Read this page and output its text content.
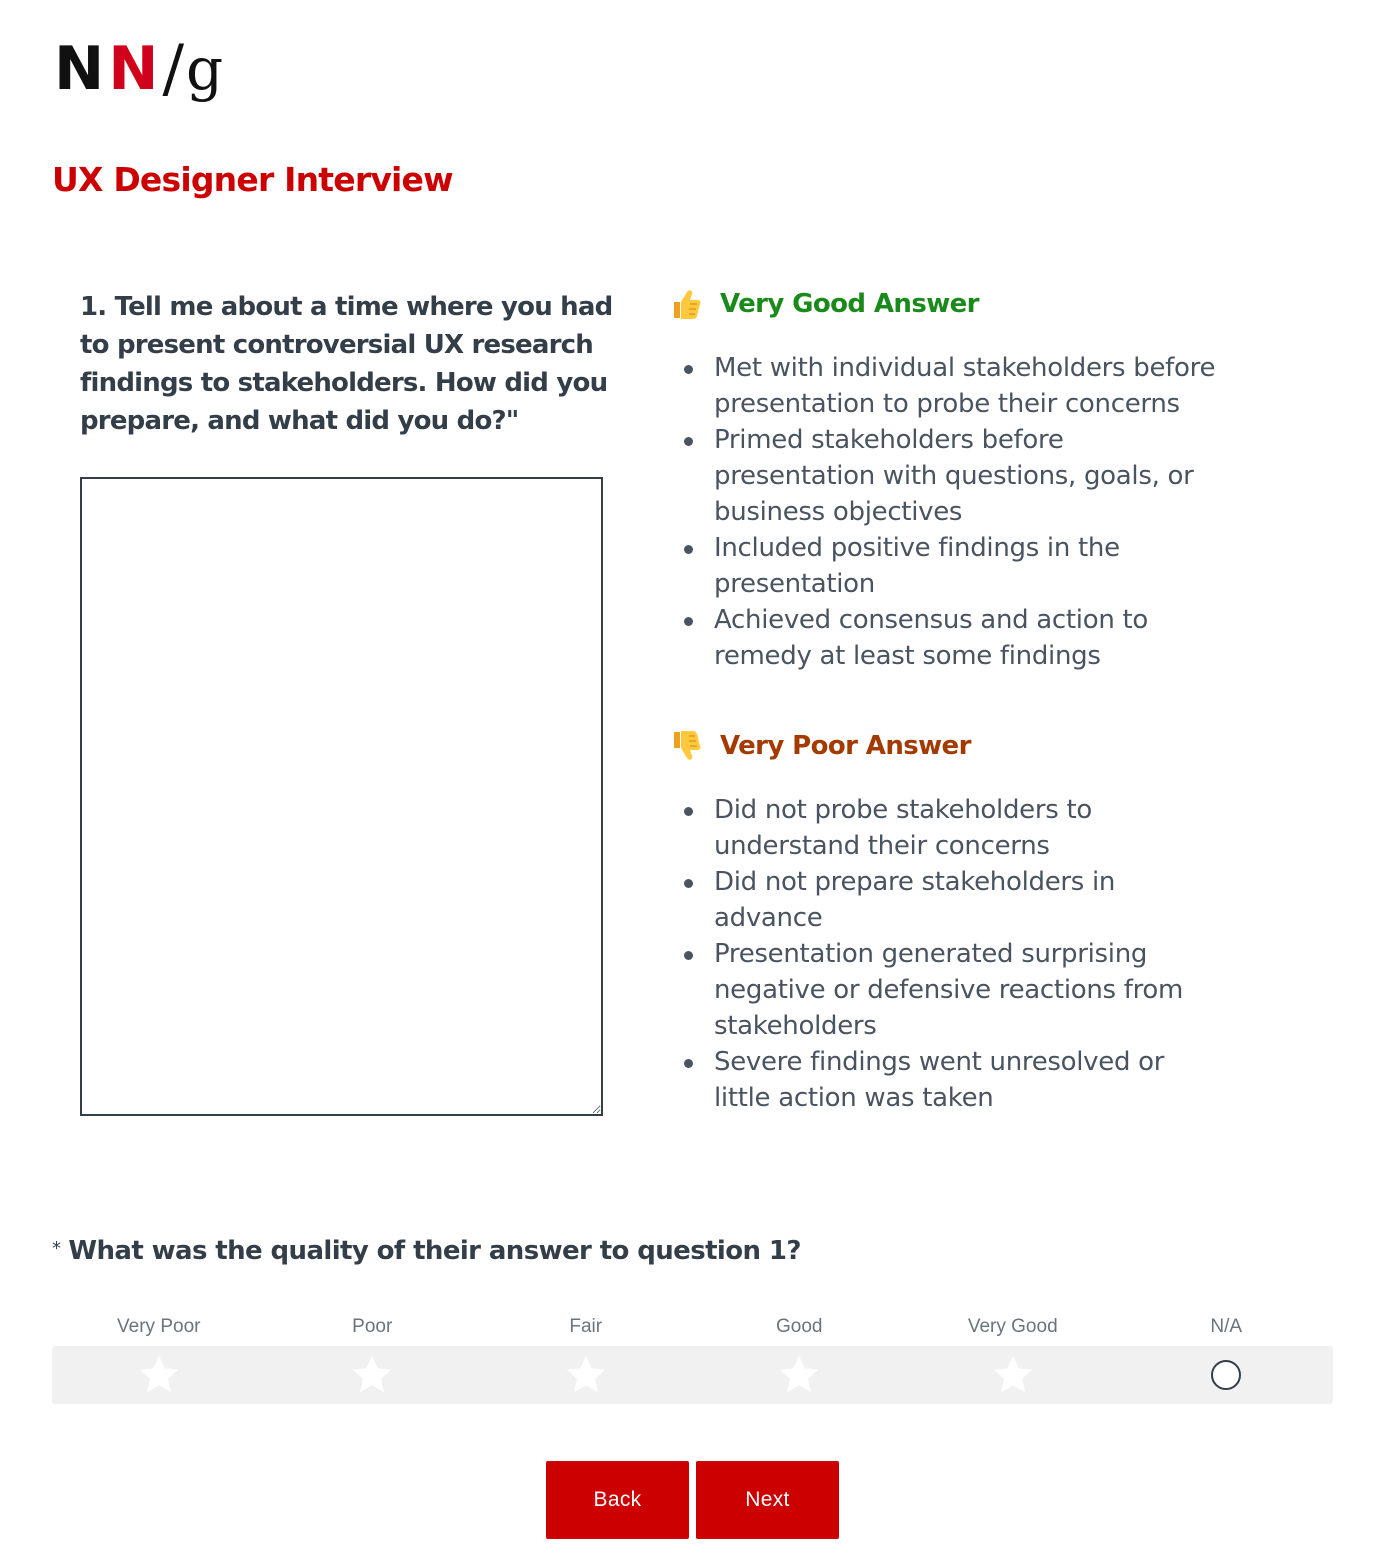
N N / g
UX Designer Interview
1. Tell me about a time where you had to present controversial UX research findings to stakeholders. How did you prepare, and what did you do?"
Very Good Answer
Met with individual stakeholders before presentation to probe their concerns
Primed stakeholders before presentation with questions, goals, or business objectives
Included positive findings in the presentation
Achieved consensus and action to remedy at least some findings
Very Poor Answer
Did not probe stakeholders to understand their concerns
Did not prepare stakeholders in advance
Presentation generated surprising negative or defensive reactions from stakeholders
Severe findings went unresolved or little action was taken
* What was the quality of their answer to question 1?
Very Poor	Poor	Fair	Good	Very Good	N/A
Back	Next
